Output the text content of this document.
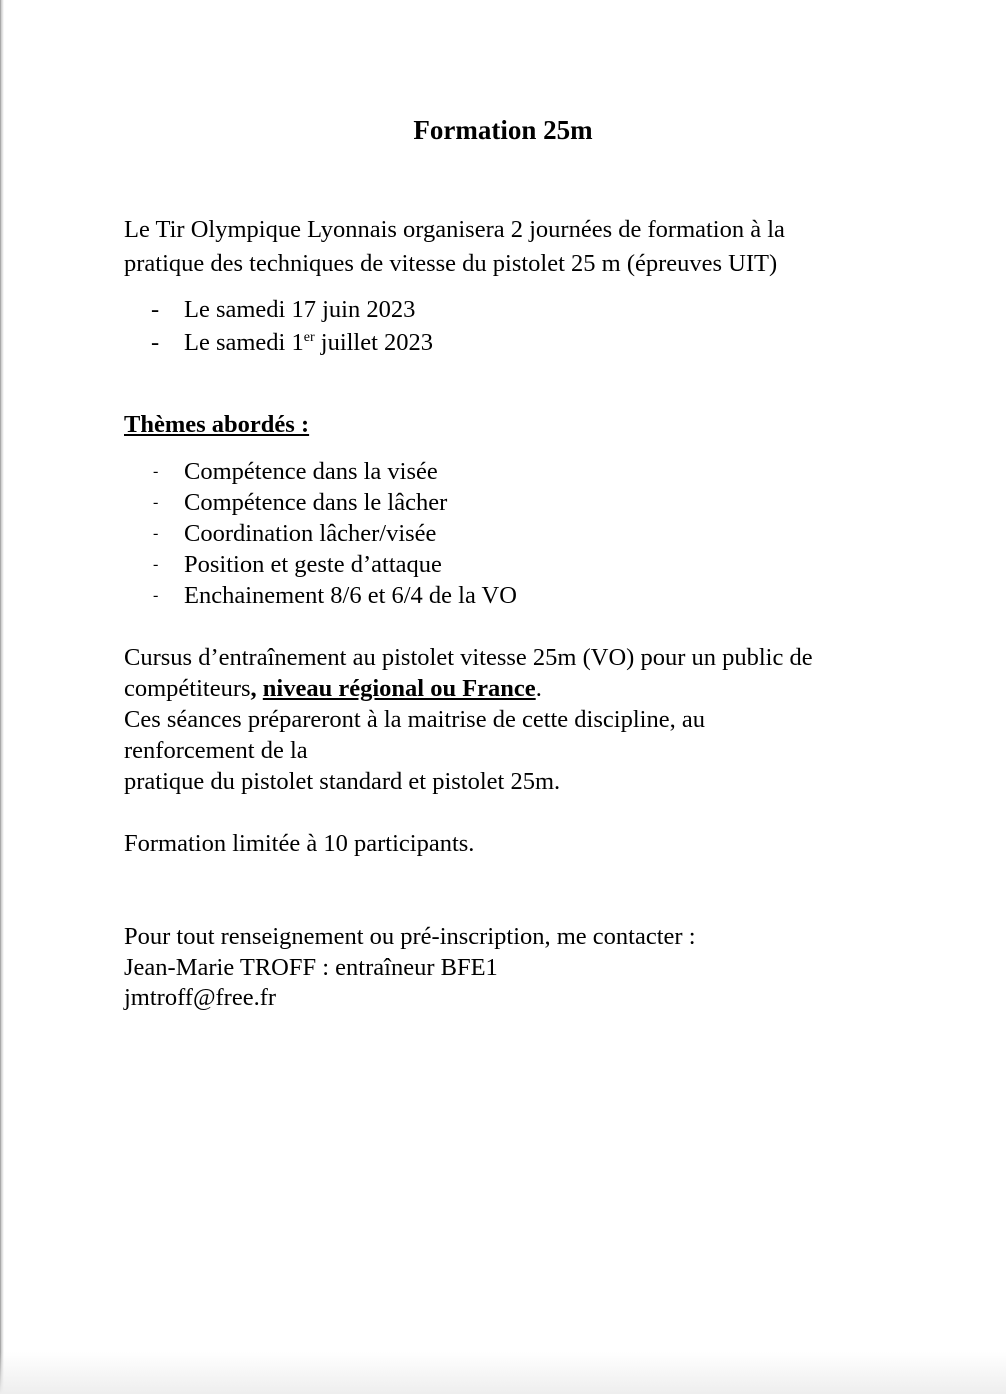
Formation 25m
Le Tir Olympique Lyonnais organisera 2 journées de formation à la
pratique des techniques de vitesse du pistolet 25 m (épreuves UIT)
- Le samedi 17 juin 2023
- Le samedi 1er juillet 2023
Thèmes abordés :
- Compétence dans la visée
- Compétence dans le lâcher
- Coordination lâcher/visée
- Position et geste d’attaque
- Enchainement 8/6 et 6/4 de la VO
Cursus d’entraînement au pistolet vitesse 25m (VO) pour un public de
compétiteurs, niveau régional ou France.
Ces séances prépareront à la maitrise de cette discipline, au
renforcement de la
pratique du pistolet standard et pistolet 25m.
Formation limitée à 10 participants.
Pour tout renseignement ou pré-inscription, me contacter :
Jean-Marie TROFF : entraîneur BFE1
jmtroff@free.fr
